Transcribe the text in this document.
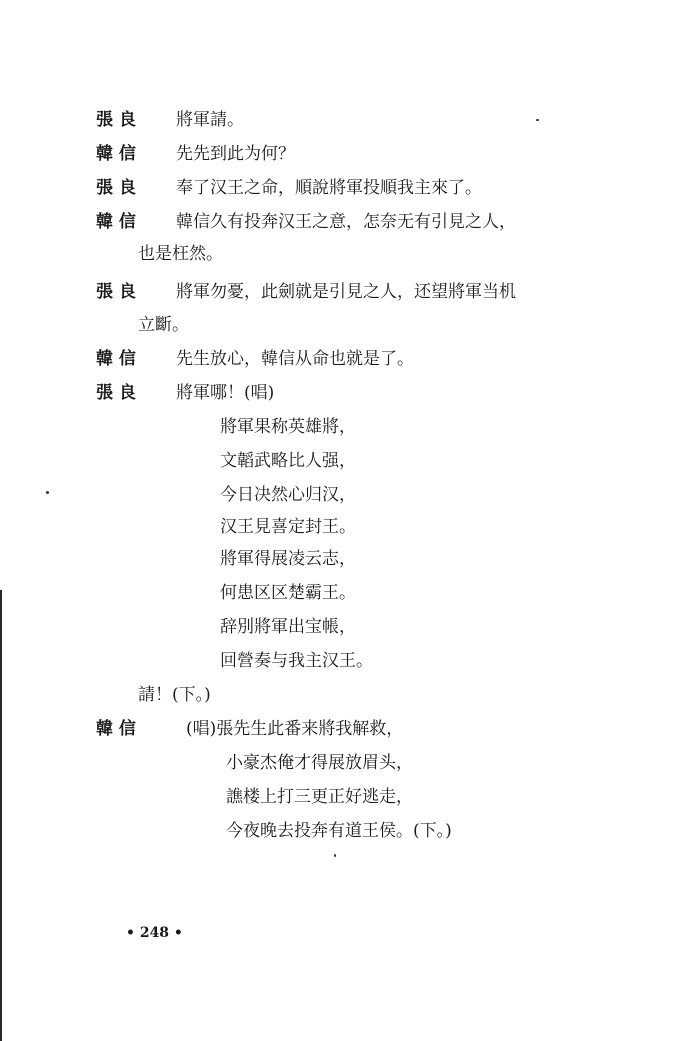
張 良 將軍請。
韓 信 先先到此为何？
張 良 奉了汉王之命，順說將軍投順我主來了。
韓 信 韓信久有投奔汉王之意，怎奈无有引見之人，
也是枉然。
張 良 將軍勿憂，此劍就是引見之人，还望將軍当机
立斷。
韓 信 先生放心，韓信从命也就是了。
張 良 將軍哪！(唱)
將軍果称英雄將，
文韜武略比人强，
今日决然心归汉，
汉王見喜定封王。
將軍得展凌云志，
何患区区楚霸王。
辞別將軍出宝帳，
回營奏与我主汉王。
請！(下。)
韓 信	(唱)張先生此番来將我解救，
小豪杰俺才得展放眉头，
譙楼上打三更正好逃走，
今夜晚去投奔有道王侯。(下。)
• 248 •
